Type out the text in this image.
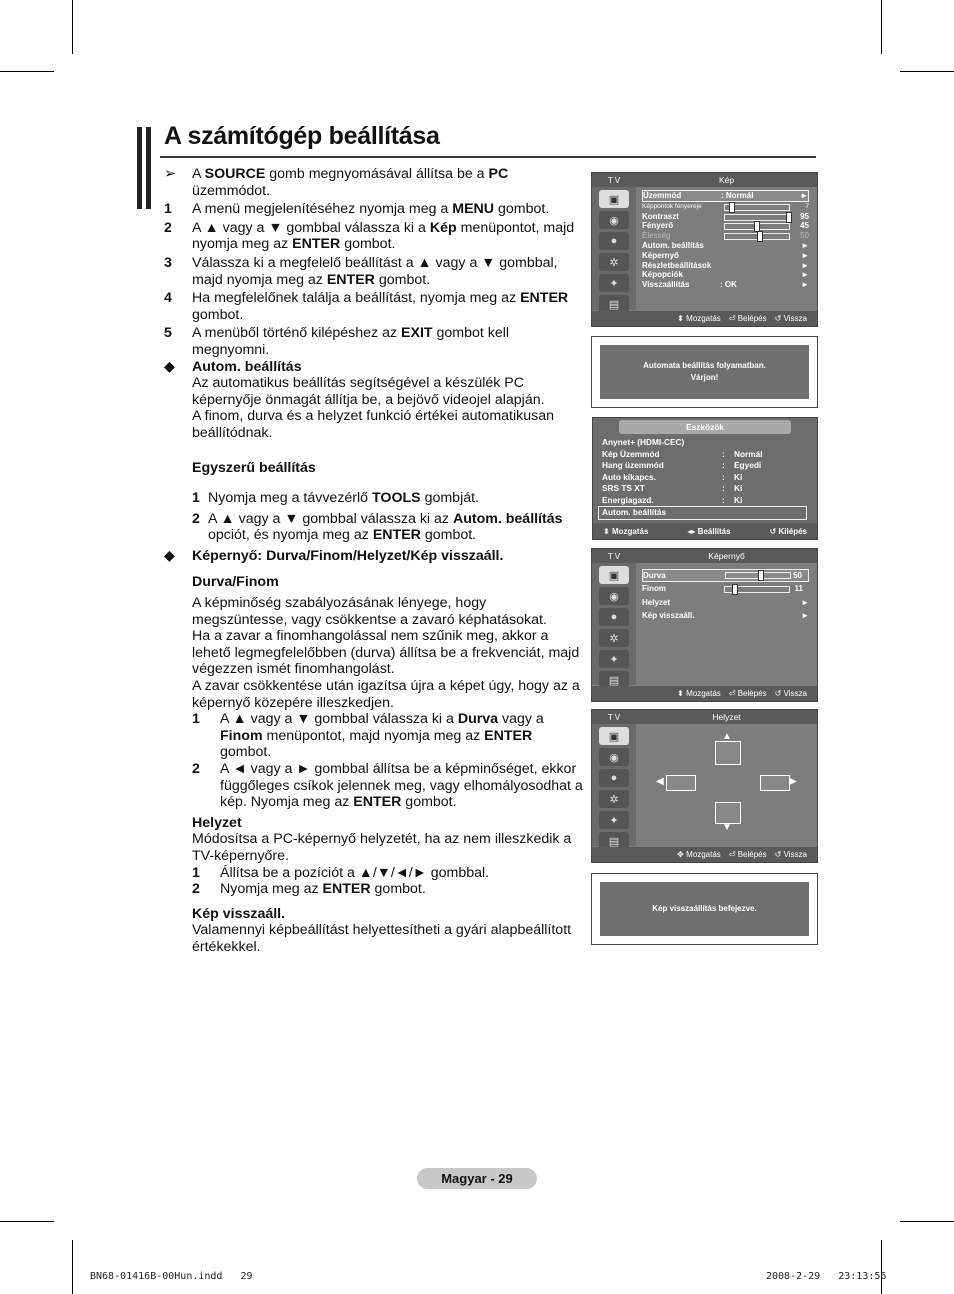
A számítógép beállítása
➢	A SOURCE gomb megnyomásával állítsa be a PC üzemmódot.
1	A menü megjelenítéséhez nyomja meg a MENU gombot.
2	A ▲ vagy a ▼ gombbal válassza ki a Kép menüpontot, majd nyomja meg az ENTER gombot.
3	Válassza ki a megfelelő beállítást a ▲ vagy a ▼ gombbal, majd nyomja meg az ENTER gombot.
4	Ha megfelelőnek találja a beállítást, nyomja meg az ENTER gombot.
5	A menüből történő kilépéshez az EXIT gombot kell megnyomni.
◆	Autom. beállítás
Az automatikus beállítás segítségével a készülék PC képernyője önmagát állítja be, a bejövő videojel alapján.
A finom, durva és a helyzet funkció értékei automatikusan beállítódnak.
Egyszerű beállítás
1 Nyomja meg a távvezérlő TOOLS gombját.
2 A ▲ vagy a ▼ gombbal válassza ki az Autom. beállítás opciót, és nyomja meg az ENTER gombot.
◆	Képernyő: Durva/Finom/Helyzet/Kép visszaáll.
Durva/Finom
A képminőség szabályozásának lényege, hogy megszüntesse, vagy csökkentse a zavaró képhatásokat.
Ha a zavar a finomhangolással nem szűnik meg, akkor a lehető legmegfelelőbben (durva) állítsa be a frekvenciát, majd végezzen ismét finomhangolást.
A zavar csökkentése után igazítsa újra a képet úgy, hogy az a képernyő közepére illeszkedjen.
1	A ▲ vagy a ▼ gombbal válassza ki a Durva vagy a Finom menüpontot, majd nyomja meg az ENTER gombot.
2	A ◄ vagy a ► gombbal állítsa be a képminőséget, ekkor függőleges csíkok jelennek meg, vagy elhomályosodhat a kép. Nyomja meg az ENTER gombot.
Helyzet
Módosítsa a PC-képernyő helyzetét, ha az nem illeszkedik a TV-képernyőre.
1	Állítsa be a pozíciót a ▲/▼/◄/► gombbal.
2	Nyomja meg az ENTER gombot.
Kép visszaáll.
Valamennyi képbeállítást helyettesítheti a gyári alapbeállított értékekkel.
T V	Kép
▣
◉
●
✲
✦
▤
Üzemmód	: Normál	►
Képpontok fényereje	7
Kontraszt	95
Fényerő	45
Élesség	50
Autom. beállítás	►
Képernyő	►
Részletbeállítások	►
Képopciók	►
Visszaállítás	: OK	►
⬍ Mozgatás ⏎ Belépés ↺ Vissza
Automata beállítás folyamatban.
Várjon!
Eszközök
Anynet+ (HDMI-CEC)
Kép Üzemmód	:	Normál
Hang üzemmód	:	Egyedi
Auto kikapcs.	:	Ki
SRS TS XT	:	Ki
Energiagazd.	:	Ki
Autom. beállítás
⬍ Mozgatás	◂▸ Beállítás	↺ Kilépés
T V	Képernyő
▣
◉
●
✲
✦
▤
Durva	50
Finom	11
Helyzet	►
Kép visszaáll.	►
⬍ Mozgatás ⏎ Belépés ↺ Vissza
T V	Helyzet
▣
◉
●
✲
✦
▤
✥ Mozgatás ⏎ Belépés ↺ Vissza
▲
◀	▶
▼
Kép visszaállítás befejezve.
Magyar - 29
BN68-01416B-00Hun.indd   29	2008-2-29   23:13:56
